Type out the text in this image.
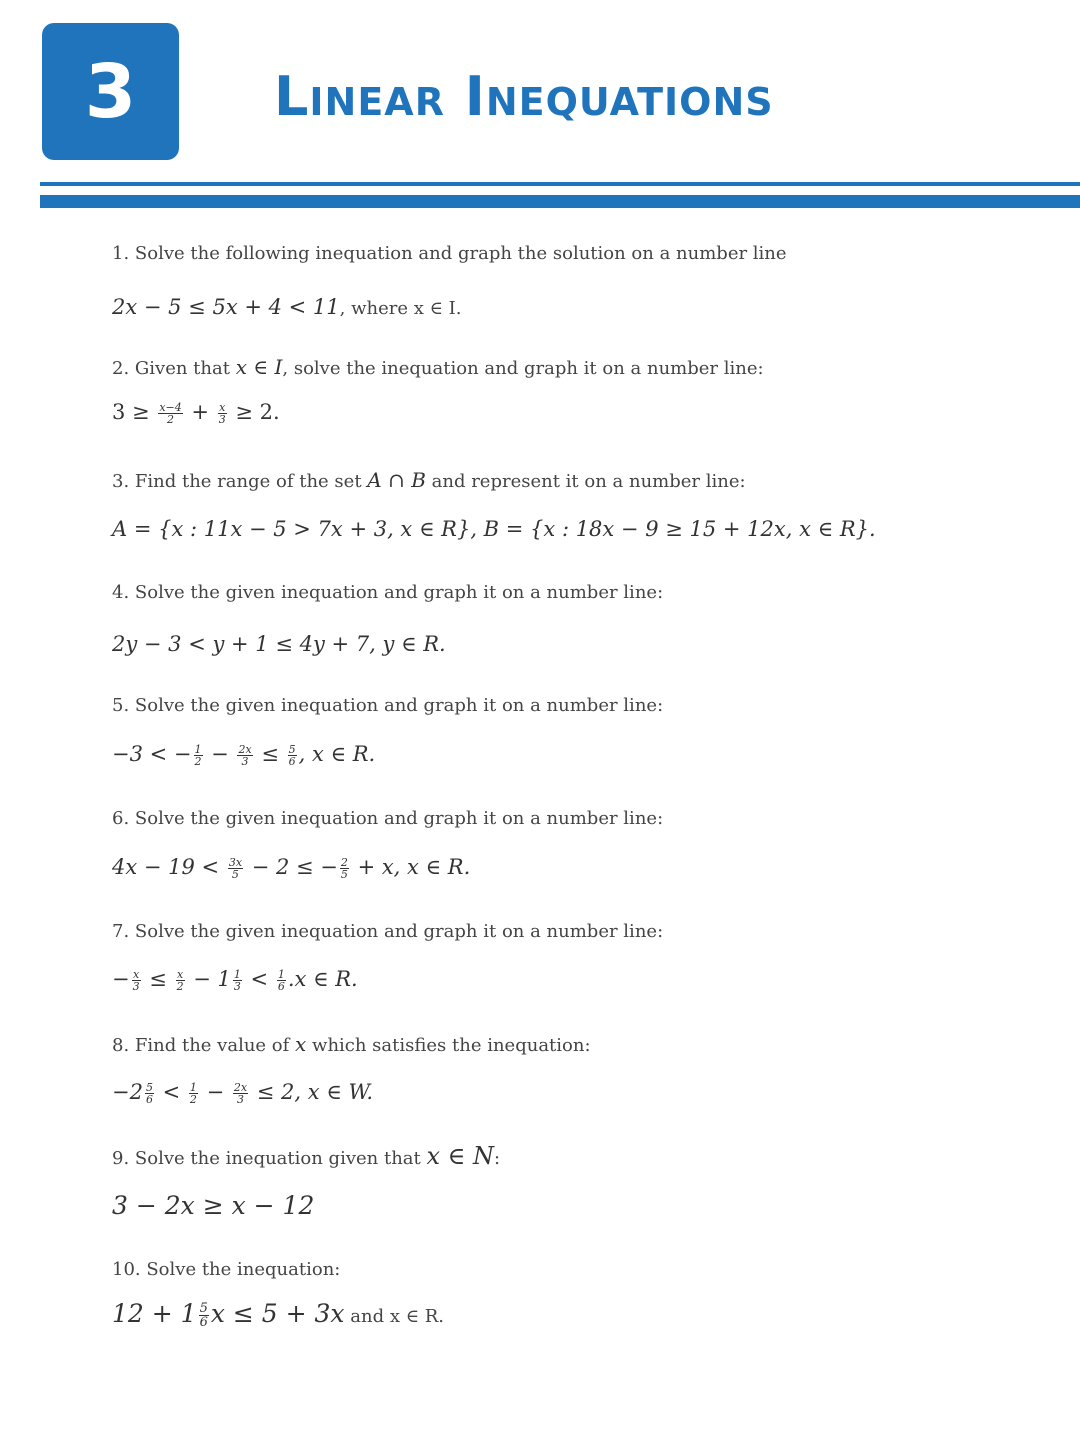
3	Linear Inequations
1. Solve the following inequation and graph the solution on a number line
2x − 5 ≤ 5x + 4 < 11, where x ∈ I.
2. Given that x ∈ I, solve the inequation and graph it on a number line:
$3 \ge \frac{x-4}{2} + \frac{x}{3} \ge 2$.
3. Find the range of the set A ∩ B and represent it on a number line:
A = {x : 11x − 5 > 7x + 3, x ∈ R}, B = {x : 18x − 9 ≥ 15 + 12x, x ∈ R}.
4. Solve the given inequation and graph it on a number line:
2y − 3 < y + 1 ≤ 4y + 7, y ∈ R.
5. Solve the given inequation and graph it on a number line:
−3 < − $\frac{1}{2} - \frac{2x}{3} \le \frac{5}{6}$ , x ∈ R.
6. Solve the given inequation and graph it on a number line:
$4x - 19 < \frac{3x}{5} - 2$ ≤ − $\frac{2}{5} + x$, x ∈ R.
7. Solve the given inequation and graph it on a number line:
− $\frac{x}{3} \le \frac{x}{2} - 1 \frac{1}{3} < \frac{1}{6} .x$ ∈ R.
8. Find the value of x which satisfies the inequation:
$-2 \frac{5}{6} < \frac{1}{2} - \frac{2x}{3} \le 2$, x ∈ W.
9. Solve the inequation given that x ∈ N:
3 − 2x ≥ x − 12
10. Solve the inequation:
$12 + 1 \frac{5}{6}$ x ≤ 5 + 3x and x ∈ R.
